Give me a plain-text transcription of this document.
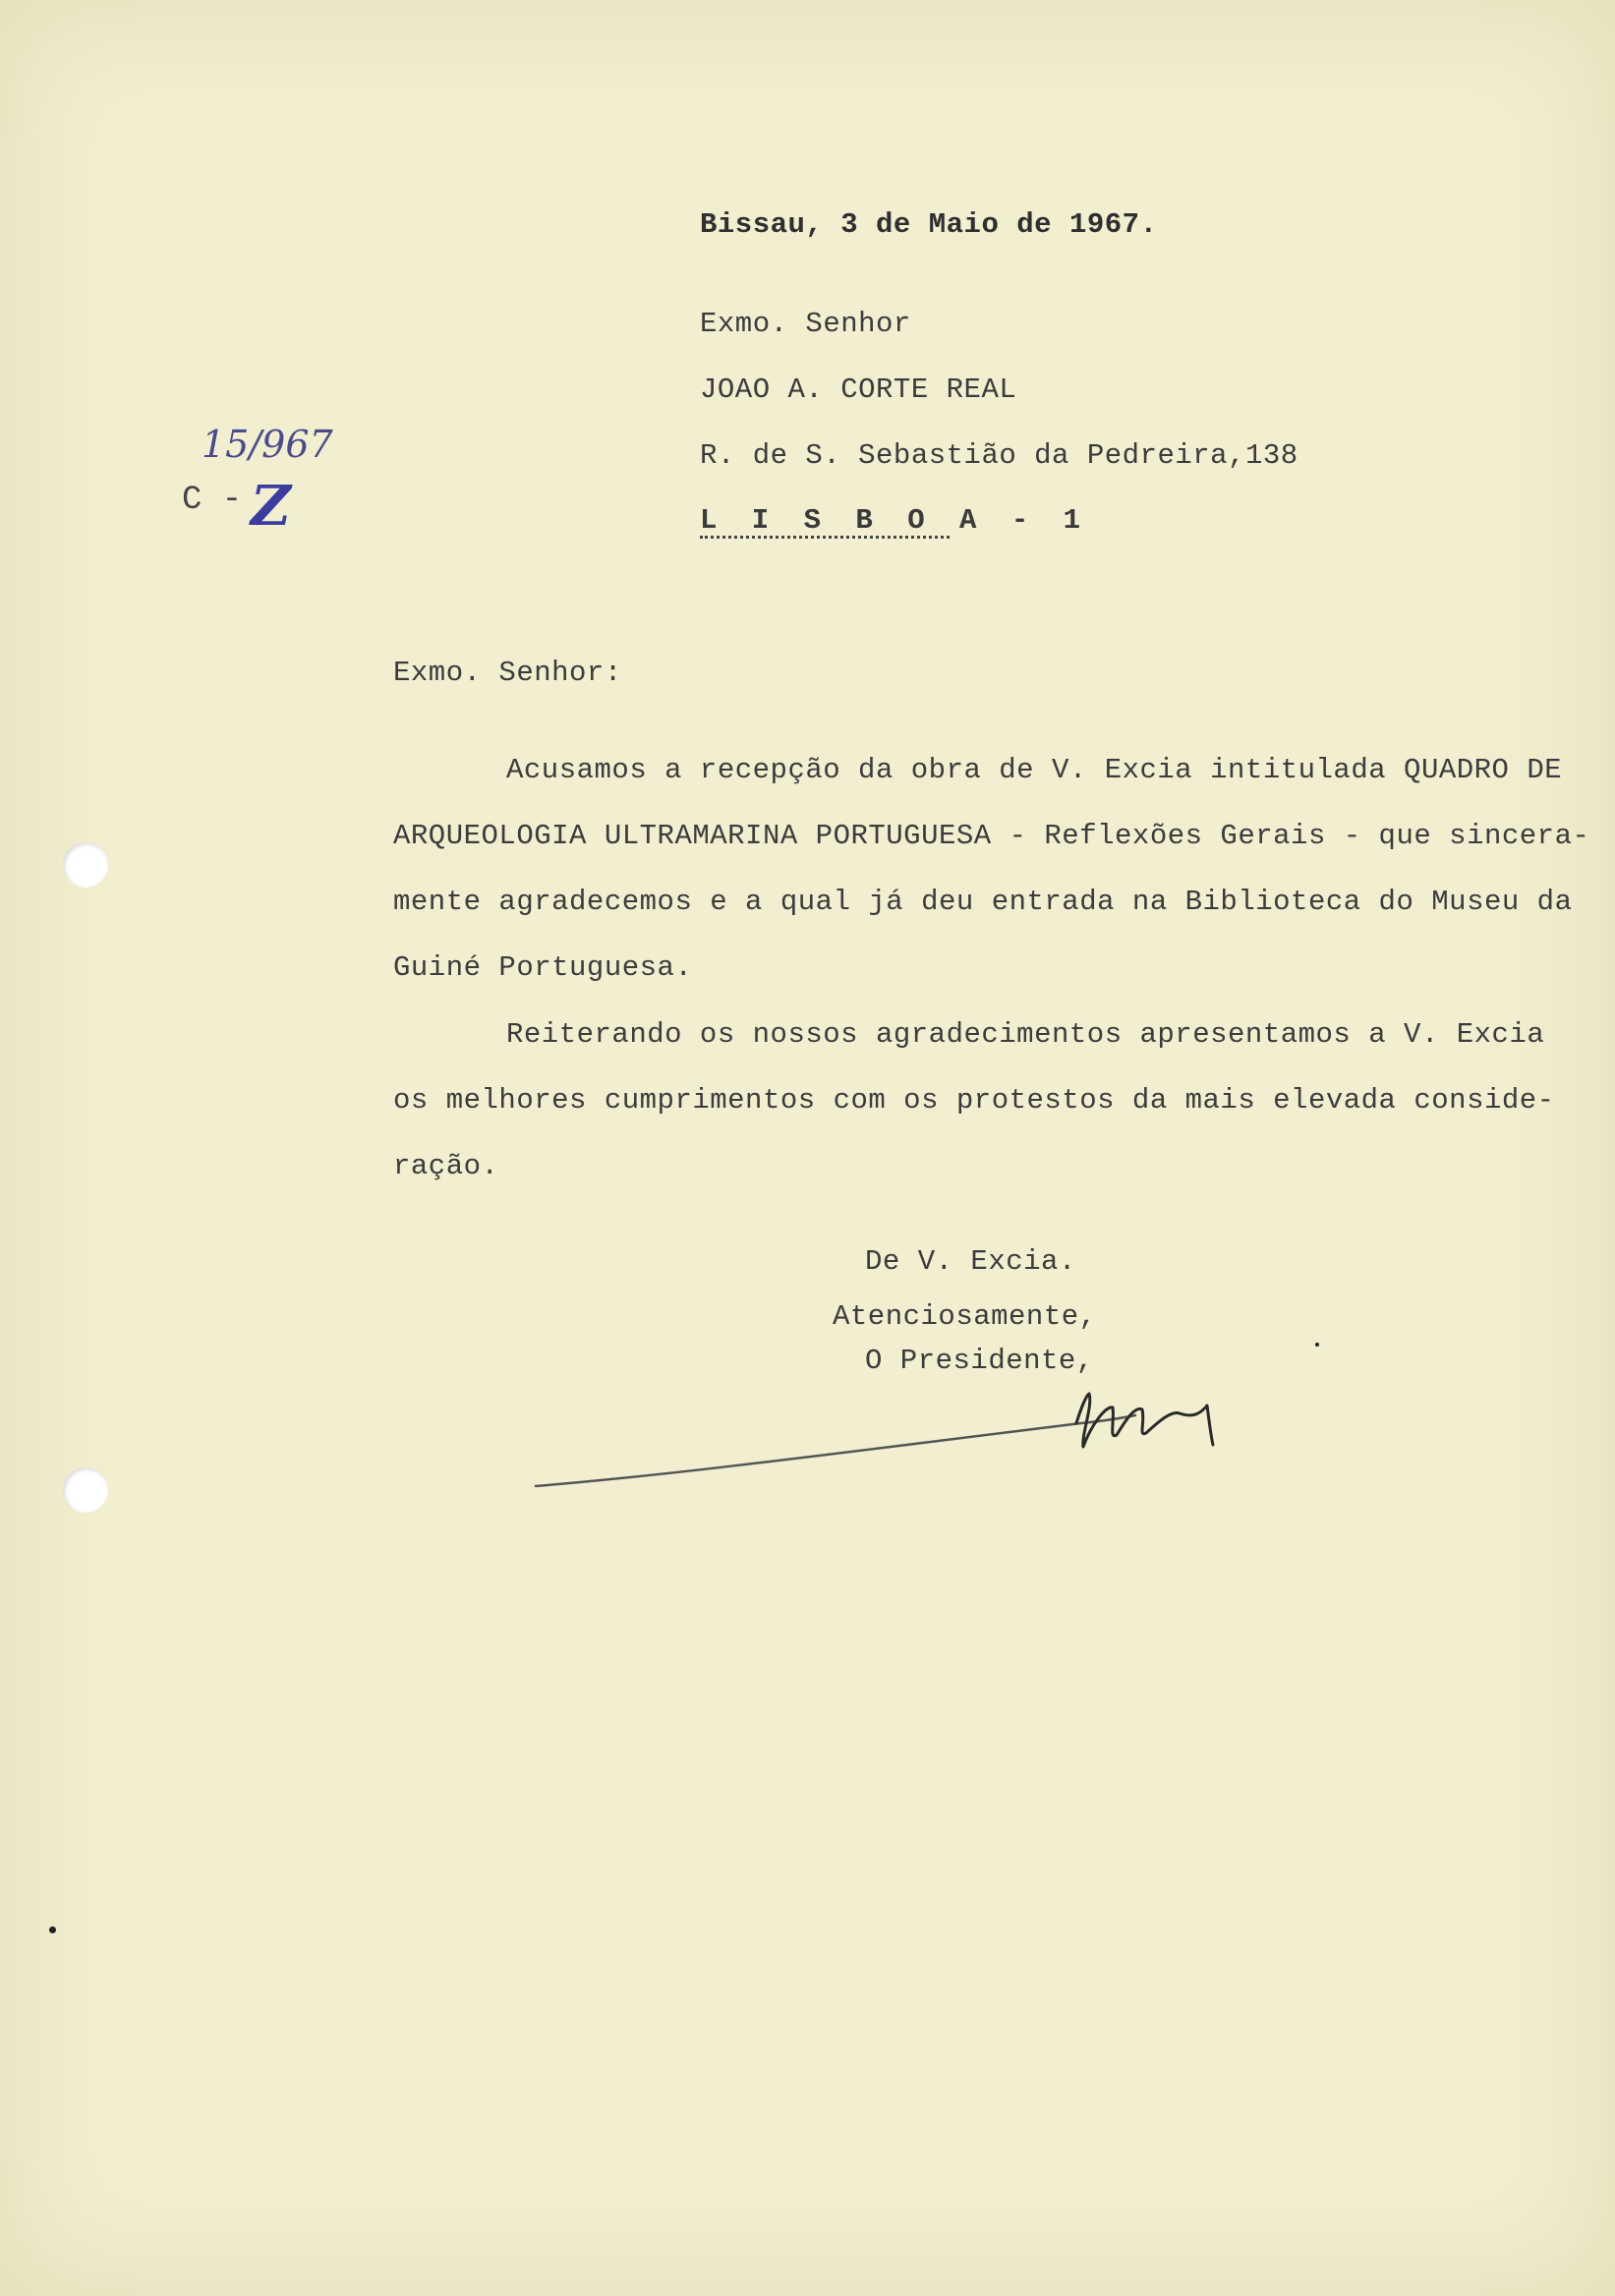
15/967
C - Z
Bissau, 3 de Maio de 1967.
Exmo. Senhor
JOAO A. CORTE REAL
R. de S. Sebastião da Pedreira,138
L I S B O A - 1
Exmo. Senhor:
Acusamos a recepção da obra de V. Excia intitulada QUADRO DE
ARQUEOLOGIA ULTRAMARINA PORTUGUESA - Reflexões Gerais - que sincera-
mente agradecemos e a qual já deu entrada na Biblioteca do Museu da
Guiné Portuguesa.
Reiterando os nossos agradecimentos apresentamos a V. Excia
os melhores cumprimentos com os protestos da mais elevada conside-
ração.
De V. Excia.
Atenciosamente,
O Presidente,
